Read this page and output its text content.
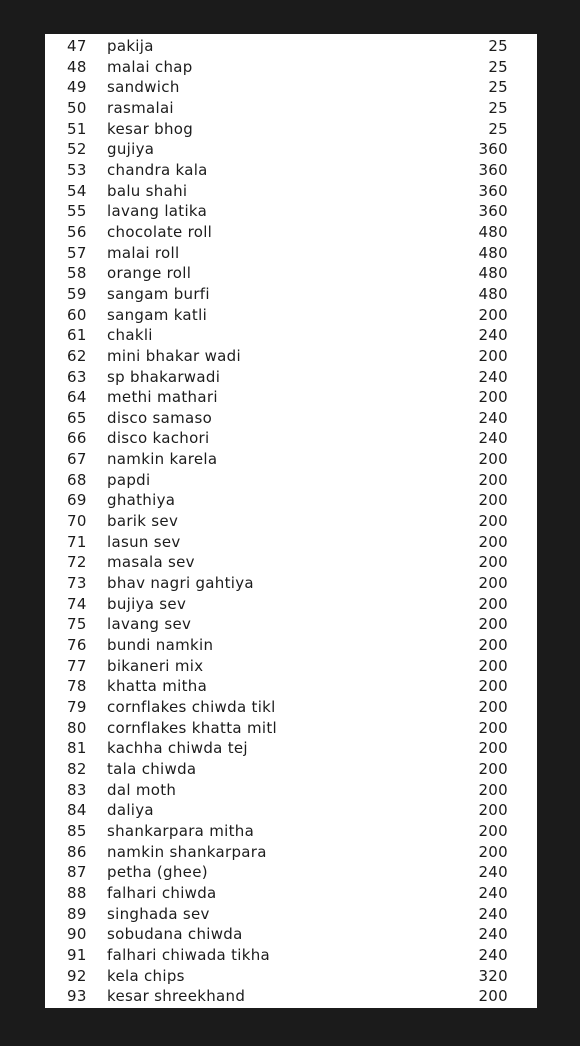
47 pakija	25
48 malai chap	25
49 sandwich	25
50 rasmalai	25
51 kesar bhog	25
52 gujiya	360
53 chandra kala	360
54 balu shahi	360
55 lavang latika	360
56 chocolate roll	480
57 malai roll	480
58 orange roll	480
59 sangam burfi	480
60 sangam katli	200
61 chakli	240
62 mini bhakar wadi	200
63 sp bhakarwadi	240
64 methi mathari	200
65 disco samaso	240
66 disco kachori	240
67 namkin karela	200
68 papdi	200
69 ghathiya	200
70 barik sev	200
71 lasun sev	200
72 masala sev	200
73 bhav nagri gahtiya	200
74 bujiya sev	200
75 lavang sev	200
76 bundi namkin	200
77 bikaneri mix	200
78 khatta mitha	200
79 cornflakes chiwda tikl	200
80 cornflakes khatta mitl	200
81 kachha chiwda tej	200
82 tala chiwda	200
83 dal moth	200
84 daliya	200
85 shankarpara mitha	200
86 namkin shankarpara	200
87 petha (ghee)	240
88 falhari chiwda	240
89 singhada sev	240
90 sobudana chiwda	240
91 falhari chiwada tikha	240
92 kela chips	320
93 kesar shreekhand	200
